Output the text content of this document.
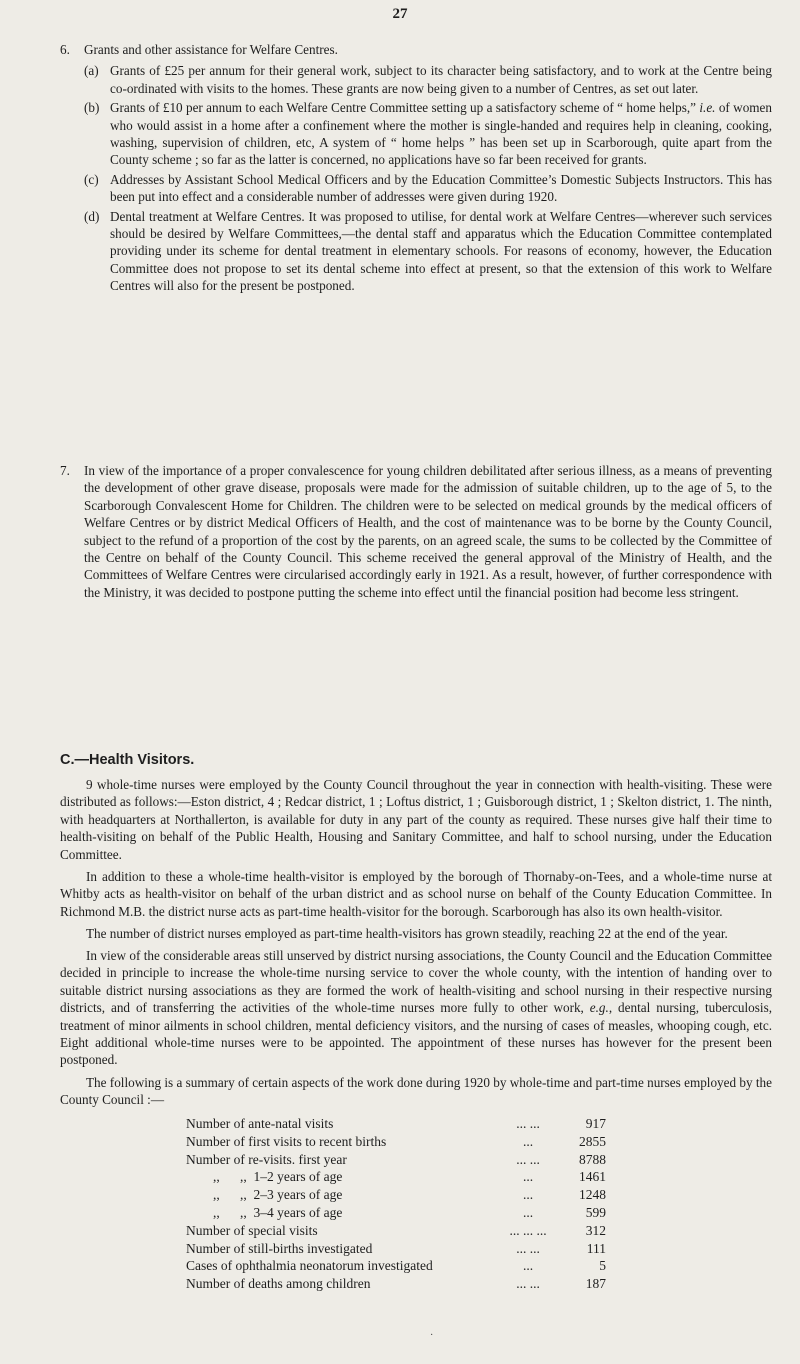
27
6. Grants and other assistance for Welfare Centres.
(a) Grants of £25 per annum for their general work, subject to its character being satisfactory, and to work at the Centre being co-ordinated with visits to the homes. These grants are now being given to a number of Centres, as set out later.
(b) Grants of £10 per annum to each Welfare Centre Committee setting up a satisfactory scheme of “ home helps,” i.e. of women who would assist in a home after a confinement where the mother is single-handed and requires help in cleaning, cooking, washing, supervision of children, etc, A system of “ home helps ” has been set up in Scarborough, quite apart from the County scheme ; so far as the latter is concerned, no applications have so far been received for grants.
(c) Addresses by Assistant School Medical Officers and by the Education Committee’s Domestic Subjects Instructors. This has been put into effect and a considerable number of addresses were given during 1920.
(d) Dental treatment at Welfare Centres. It was proposed to utilise, for dental work at Welfare Centres—wherever such services should be desired by Welfare Committees,—the dental staff and apparatus which the Education Committee contemplated providing under its scheme for dental treatment in elementary schools. For reasons of economy, however, the Education Committee does not propose to set its dental scheme into effect at present, so that the extension of this work to Welfare Centres will also for the present be postponed.
7. In view of the importance of a proper convalescence for young children debilitated after serious illness, as a means of preventing the development of other grave disease, proposals were made for the admission of suitable children, up to the age of 5, to the Scarborough Convalescent Home for Children. The children were to be selected on medical grounds by the medical officers of Welfare Centres or by district Medical Officers of Health, and the cost of maintenance was to be borne by the County Council, subject to the refund of a proportion of the cost by the parents, on an agreed scale, the sums to be collected by the Committee of the Centre on behalf of the County Council. This scheme received the general approval of the Ministry of Health, and the Committees of Welfare Centres were circularised accordingly early in 1921. As a result, however, of further correspondence with the Ministry, it was decided to postpone putting the scheme into effect until the financial position had become less stringent.
C.—Health Visitors.
9 whole-time nurses were employed by the County Council throughout the year in connection with health-visiting. These were distributed as follows:—Eston district, 4 ; Redcar district, 1 ; Loftus district, 1 ; Guisborough district, 1 ; Skelton district, 1. The ninth, with headquarters at Northallerton, is available for duty in any part of the county as required. These nurses give half their time to health-visiting on behalf of the Public Health, Housing and Sanitary Committee, and half to school nursing, under the Education Committee.
In addition to these a whole-time health-visitor is employed by the borough of Thornaby-on-Tees, and a whole-time nurse at Whitby acts as health-visitor on behalf of the urban district and as school nurse on behalf of the County Education Committee. In Richmond M.B. the district nurse acts as part-time health-visitor for the borough. Scarborough has also its own health-visitor.
The number of district nurses employed as part-time health-visitors has grown steadily, reaching 22 at the end of the year.
In view of the considerable areas still unserved by district nursing associations, the County Council and the Education Committee decided in principle to increase the whole-time nursing service to cover the whole county, with the intention of handing over to suitable district nursing associations as they are formed the work of health-visiting and school nursing in their respective nursing districts, and of transferring the activities of the whole-time nurses more fully to other work, e.g., dental nursing, tuberculosis, treatment of minor ailments in school children, mental deficiency visitors, and the nursing of cases of measles, whooping cough, etc. Eight additional whole-time nurses were to be appointed. The appointment of these nurses has however for the present been postponed.
The following is a summary of certain aspects of the work done during 1920 by whole-time and part-time nurses employed by the County Council :—
Number of ante-natal visits	... ...	917
Number of first visits to recent births	...	2855
Number of re-visits. first year	... ...	8788
,,      ,,  1–2 years of age	...	1461
,,      ,,  2–3 years of age	...	1248
,,      ,,  3–4 years of age	...	599
Number of special visits	... ... ...	312
Number of still-births investigated	... ...	111
Cases of ophthalmia neonatorum investigated	...	5
Number of deaths among children	... ...	187
·
